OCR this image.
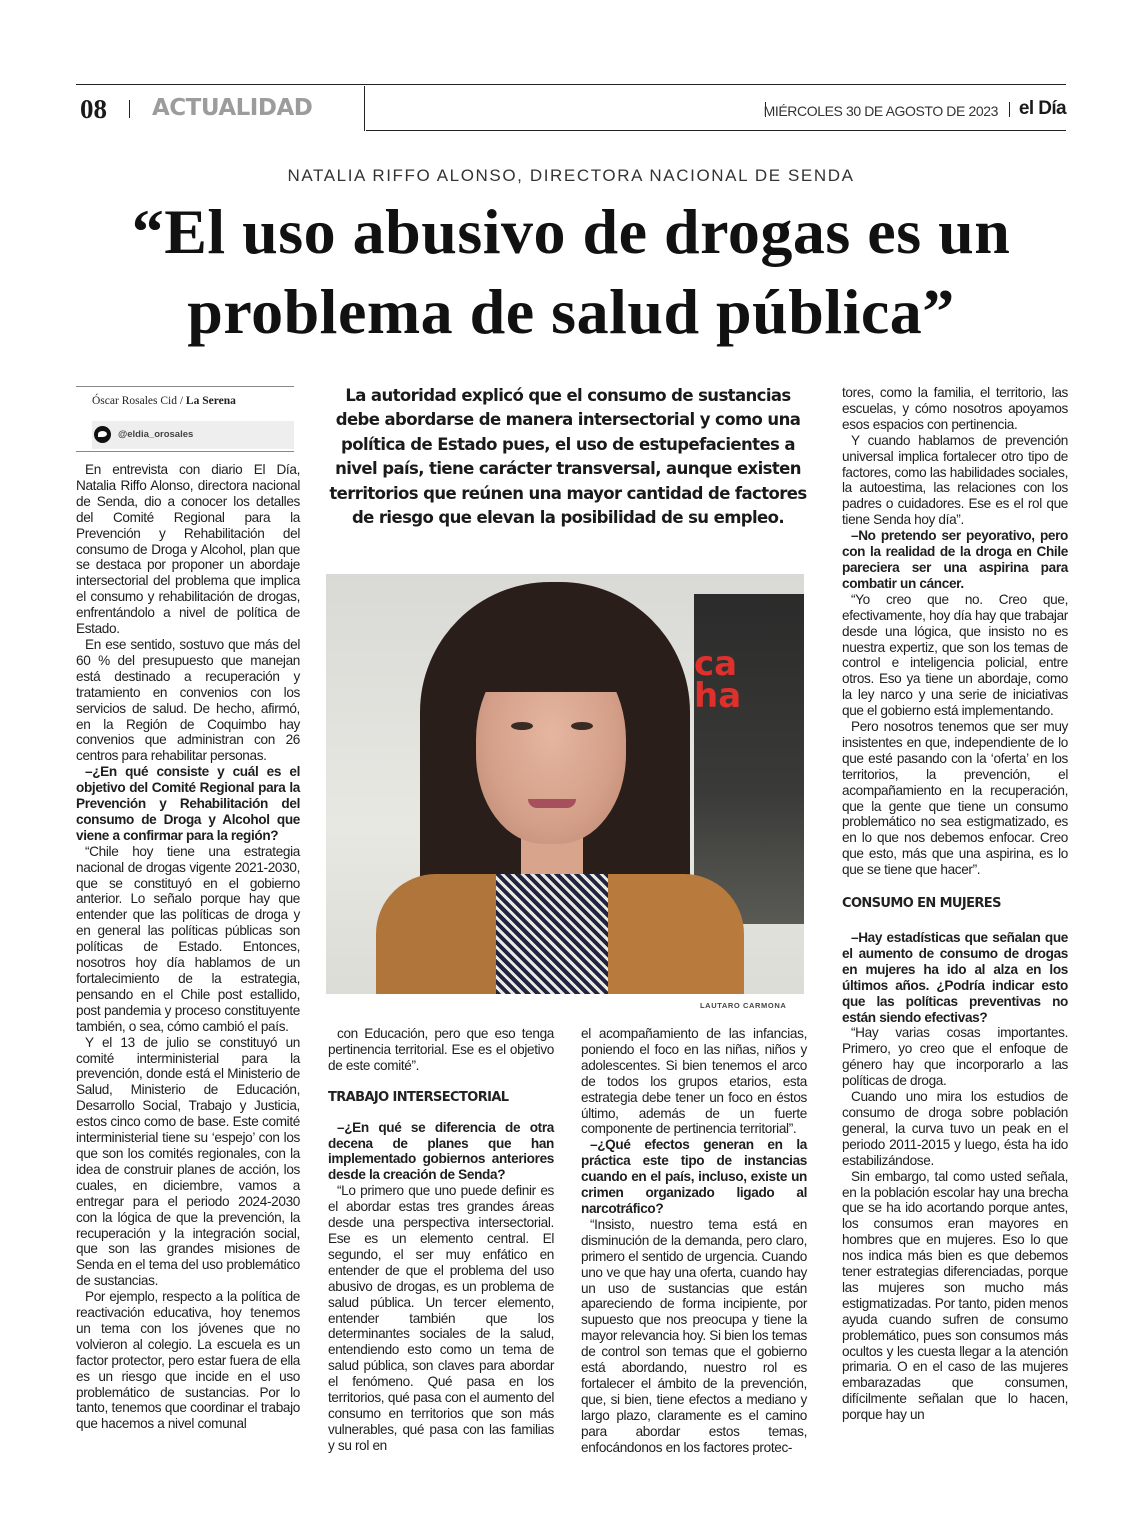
08 ACTUALIDAD	MIÉRCOLES 30 DE AGOSTO DE 2023 el Día
NATALIA RIFFO ALONSO, DIRECTORA NACIONAL DE SENDA
“El uso abusivo de drogas es un problema de salud pública”
Óscar Rosales Cid / La Serena
@eldia_orosales

La autoridad explicó que el consumo de sustancias debe abordarse de manera intersectorial y como una política de Estado pues, el uso de estupefacientes a nivel país, tiene carácter transversal, aunque existen territorios que reúnen una mayor cantidad de factores de riesgo que elevan la posibilidad de su empleo.

ca ha
LAUTARO CARMONA

En entrevista con diario El Día, Natalia Riffo Alonso, directora nacional de Senda, dio a conocer los detalles del Comité Regional para la Prevención y Rehabilitación del consumo de Droga y Alcohol, plan que se destaca por proponer un abordaje intersectorial del problema que implica el consumo y rehabilitación de drogas, enfrentándolo a nivel de política de Estado.

En ese sentido, sostuvo que más del 60 % del presupuesto que manejan está destinado a recuperación y tratamiento en convenios con los servicios de salud. De hecho, afirmó, en la Región de Coquimbo hay convenios que administran con 26 centros para rehabilitar personas.

–¿En qué consiste y cuál es el objetivo del Comité Regional para la Prevención y Rehabilitación del consumo de Droga y Alcohol que viene a confirmar para la región?

“Chile hoy tiene una estrategia nacional de drogas vigente 2021-2030, que se constituyó en el gobierno anterior. Lo señalo porque hay que entender que las políticas de droga y en general las políticas públicas son políticas de Estado. Entonces, nosotros hoy día hablamos de un fortalecimiento de la estrategia, pensando en el Chile post estallido, post pandemia y proceso constituyente también, o sea, cómo cambió el país.

Y el 13 de julio se constituyó un comité interministerial para la prevención, donde está el Ministerio de Salud, Ministerio de Educación, Desarrollo Social, Trabajo y Justicia, estos cinco como de base. Este comité interministerial tiene su ‘espejo’ con los que son los comités regionales, con la idea de construir planes de acción, los cuales, en diciembre, vamos a entregar para el periodo 2024-2030 con la lógica de que la prevención, la recuperación y la integración social, que son las grandes misiones de Senda en el tema del uso problemático de sustancias.

Por ejemplo, respecto a la política de reactivación educativa, hoy tenemos un tema con los jóvenes que no volvieron al colegio. La escuela es un factor protector, pero estar fuera de ella es un riesgo que incide en el uso problemático de sustancias. Por lo tanto, tenemos que coordinar el trabajo que hacemos a nivel comunal

con Educación, pero que eso tenga pertinencia territorial. Ese es el objetivo de este comité”.

TRABAJO INTERSECTORIAL

–¿En qué se diferencia de otra decena de planes que han implementado gobiernos anteriores desde la creación de Senda?

“Lo primero que uno puede definir es el abordar estas tres grandes áreas desde una perspectiva intersectorial. Ese es un elemento central. El segundo, el ser muy enfático en entender de que el problema del uso abusivo de drogas, es un problema de salud pública. Un tercer elemento, entender también que los determinantes sociales de la salud, entendiendo esto como un tema de salud pública, son claves para abordar el fenómeno. Qué pasa en los territorios, qué pasa con el aumento del consumo en territorios que son más vulnerables, qué pasa con las familias y su rol en

el acompañamiento de las infancias, poniendo el foco en las niñas, niños y adolescentes. Si bien tenemos el arco de todos los grupos etarios, esta estrategia debe tener un foco en éstos último, además de un fuerte componente de pertinencia territorial”.

–¿Qué efectos generan en la práctica este tipo de instancias cuando en el país, incluso, existe un crimen organizado ligado al narcotráfico?

“Insisto, nuestro tema está en disminución de la demanda, pero claro, primero el sentido de urgencia. Cuando uno ve que hay una oferta, cuando hay un uso de sustancias que están apareciendo de forma incipiente, por supuesto que nos preocupa y tiene la mayor relevancia hoy. Si bien los temas de control son temas que el gobierno está abordando, nuestro rol es fortalecer el ámbito de la prevención, que, si bien, tiene efectos a mediano y largo plazo, claramente es el camino para abordar estos temas, enfocándonos en los factores protec-

tores, como la familia, el territorio, las escuelas, y cómo nosotros apoyamos esos espacios con pertinencia.

Y cuando hablamos de prevención universal implica fortalecer otro tipo de factores, como las habilidades sociales, la autoestima, las relaciones con los padres o cuidadores. Ese es el rol que tiene Senda hoy día”.

–No pretendo ser peyorativo, pero con la realidad de la droga en Chile pareciera ser una aspirina para combatir un cáncer.

“Yo creo que no. Creo que, efectivamente, hoy día hay que trabajar desde una lógica, que insisto no es nuestra expertiz, que son los temas de control e inteligencia policial, entre otros. Eso ya tiene un abordaje, como la ley narco y una serie de iniciativas que el gobierno está implementando.

Pero nosotros tenemos que ser muy insistentes en que, independiente de lo que esté pasando con la ‘oferta’ en los territorios, la prevención, el acompañamiento en la recuperación, que la gente que tiene un consumo problemático no sea estigmatizado, es en lo que nos debemos enfocar. Creo que esto, más que una aspirina, es lo que se tiene que hacer”.

CONSUMO EN MUJERES

–Hay estadísticas que señalan que el aumento de consumo de drogas en mujeres ha ido al alza en los últimos años. ¿Podría indicar esto que las políticas preventivas no están siendo efectivas?

“Hay varias cosas importantes. Primero, yo creo que el enfoque de género hay que incorporarlo a las políticas de droga.

Cuando uno mira los estudios de consumo de droga sobre población general, la curva tuvo un peak en el periodo 2011-2015 y luego, ésta ha ido estabilizándose.

Sin embargo, tal como usted señala, en la población escolar hay una brecha que se ha ido acortando porque antes, los consumos eran mayores en hombres que en mujeres. Eso lo que nos indica más bien es que debemos tener estrategias diferenciadas, porque las mujeres son mucho más estigmatizadas. Por tanto, piden menos ayuda cuando sufren de consumo problemático, pues son consumos más ocultos y les cuesta llegar a la atención primaria. O en el caso de las mujeres embarazadas que consumen, difícilmente señalan que lo hacen, porque hay un
